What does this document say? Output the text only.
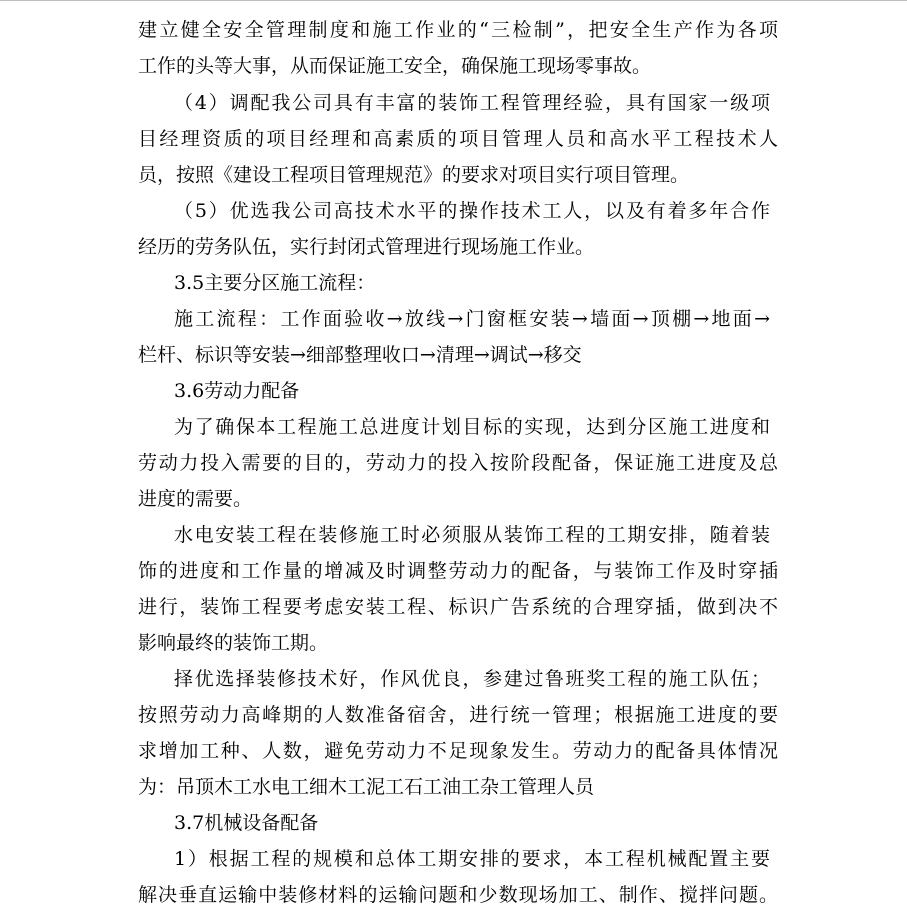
建立健全安全管理制度和施工作业的“三检制”，把安全生产作为各项
工作的头等大事，从而保证施工安全，确保施工现场零事故。
（4）调配我公司具有丰富的装饰工程管理经验，具有国家一级项
目经理资质的项目经理和高素质的项目管理人员和高水平工程技术人
员，按照《建设工程项目管理规范》的要求对项目实行项目管理。
（5）优选我公司高技术水平的操作技术工人，以及有着多年合作
经历的劳务队伍，实行封闭式管理进行现场施工作业。
3.5主要分区施工流程：
施工流程：工作面验收→放线→门窗框安装→墙面→顶棚→地面→
栏杆、标识等安装→细部整理收口→清理→调试→移交
3.6劳动力配备
为了确保本工程施工总进度计划目标的实现，达到分区施工进度和
劳动力投入需要的目的，劳动力的投入按阶段配备，保证施工进度及总
进度的需要。
水电安装工程在装修施工时必须服从装饰工程的工期安排，随着装
饰的进度和工作量的增减及时调整劳动力的配备，与装饰工作及时穿插
进行，装饰工程要考虑安装工程、标识广告系统的合理穿插，做到决不
影响最终的装饰工期。
择优选择装修技术好，作风优良，参建过鲁班奖工程的施工队伍；
按照劳动力高峰期的人数准备宿舍，进行统一管理；根据施工进度的要
求增加工种、人数，避免劳动力不足现象发生。劳动力的配备具体情况
为：吊顶木工水电工细木工泥工石工油工杂工管理人员
3.7机械设备配备
1）根据工程的规模和总体工期安排的要求，本工程机械配置主要
解决垂直运输中装修材料的运输问题和少数现场加工、制作、搅拌问题。
